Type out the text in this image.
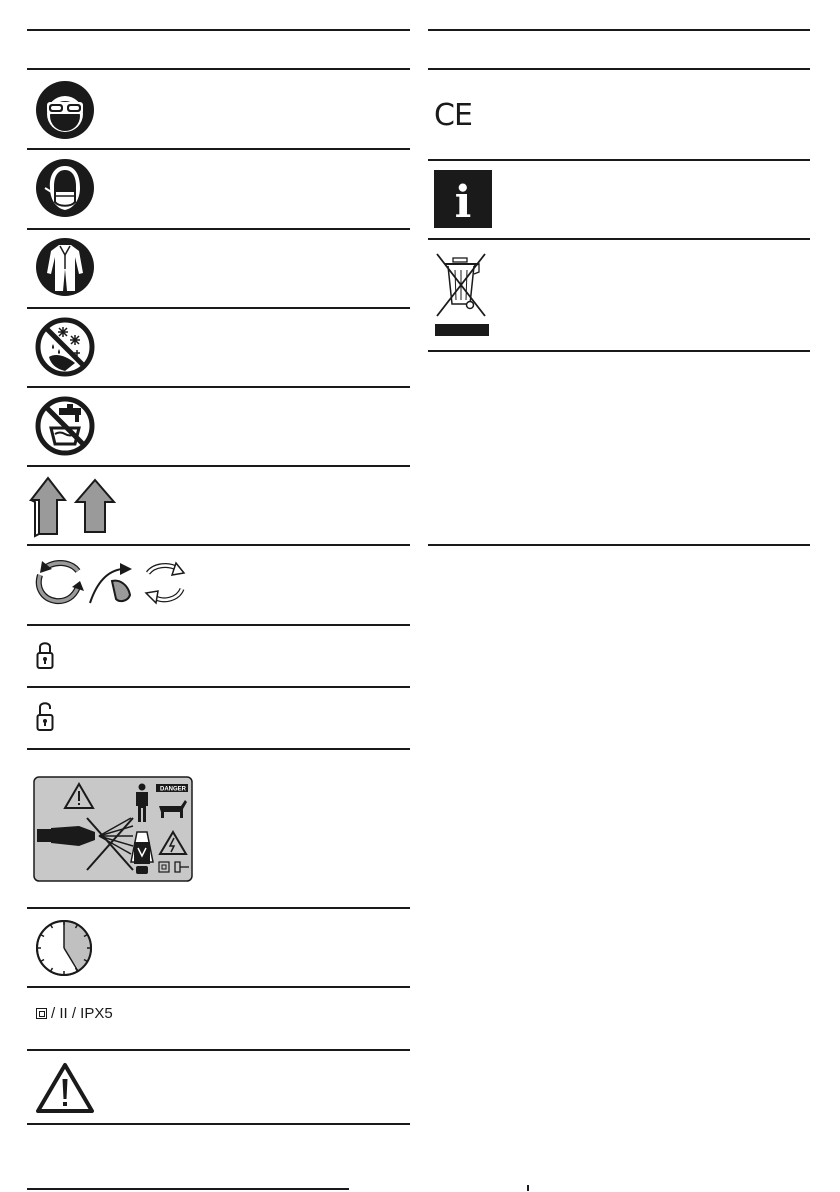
DANGER
/ II / IPX5
CE
i
